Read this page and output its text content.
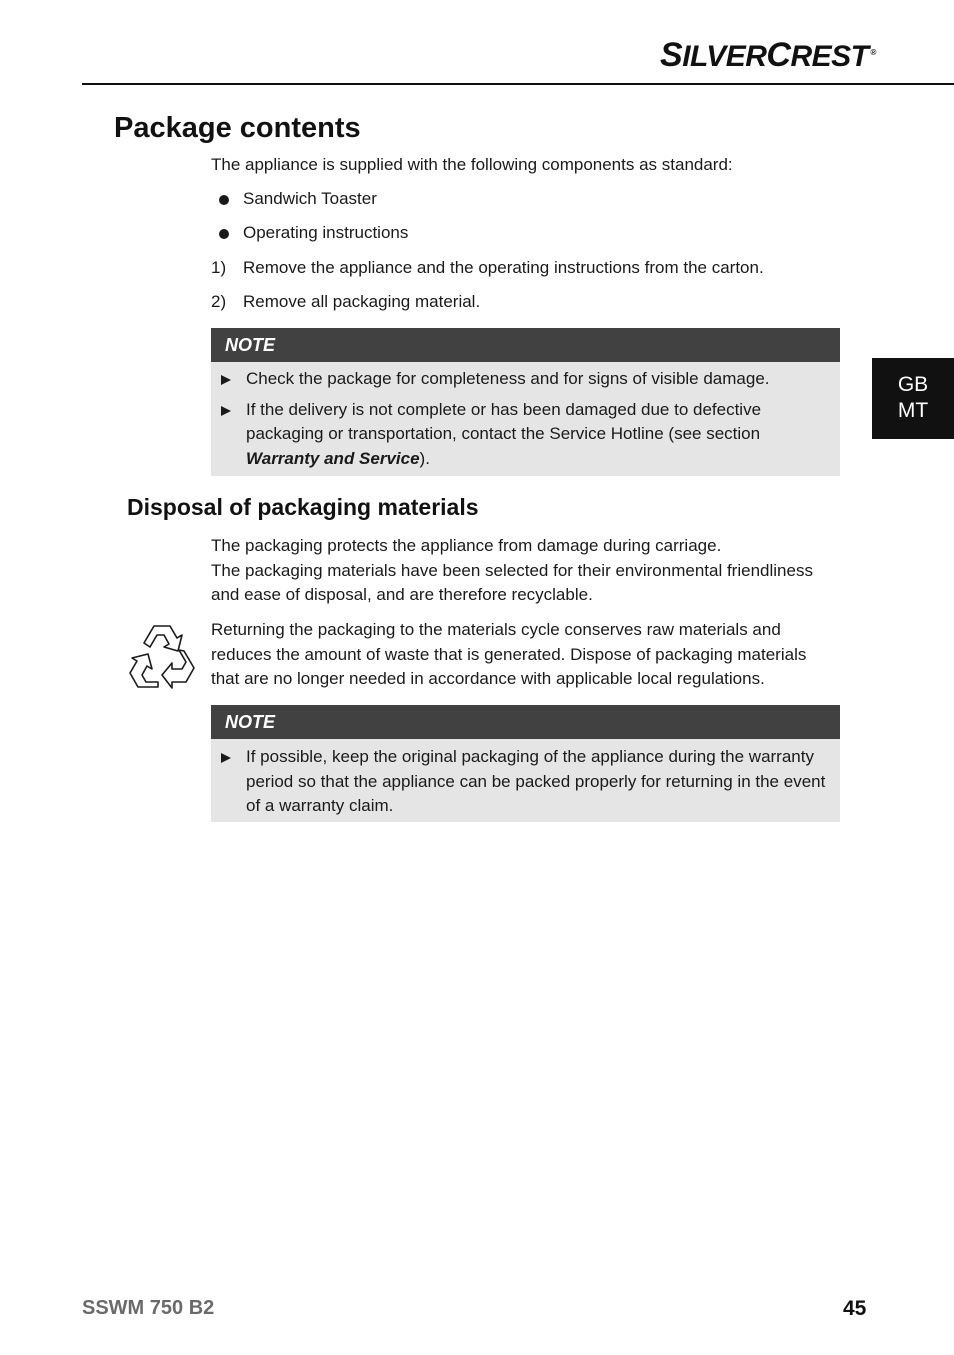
SILVERCREST ®
GB
MT
Package contents
The appliance is supplied with the following components as standard:
Sandwich Toaster
Operating instructions
1) Remove the appliance and the operating instructions from the carton.
2) Remove all packaging material.
NOTE
Check the package for completeness and for signs of visible damage.
If the delivery is not complete or has been damaged due to defective packaging or transportation, contact the Service Hotline (see section Warranty and Service).
Disposal of packaging materials
The packaging protects the appliance from damage during carriage.
The packaging materials have been selected for their environmental friendliness and ease of disposal, and are therefore recyclable.
Returning the packaging to the materials cycle conserves raw materials and reduces the amount of waste that is generated. Dispose of packaging materials that are no longer needed in accordance with applicable local regulations.
NOTE
If possible, keep the original packaging of the appliance during the warranty period so that the appliance can be packed properly for returning in the event of a warranty claim.
SSWM 750 B2	45
